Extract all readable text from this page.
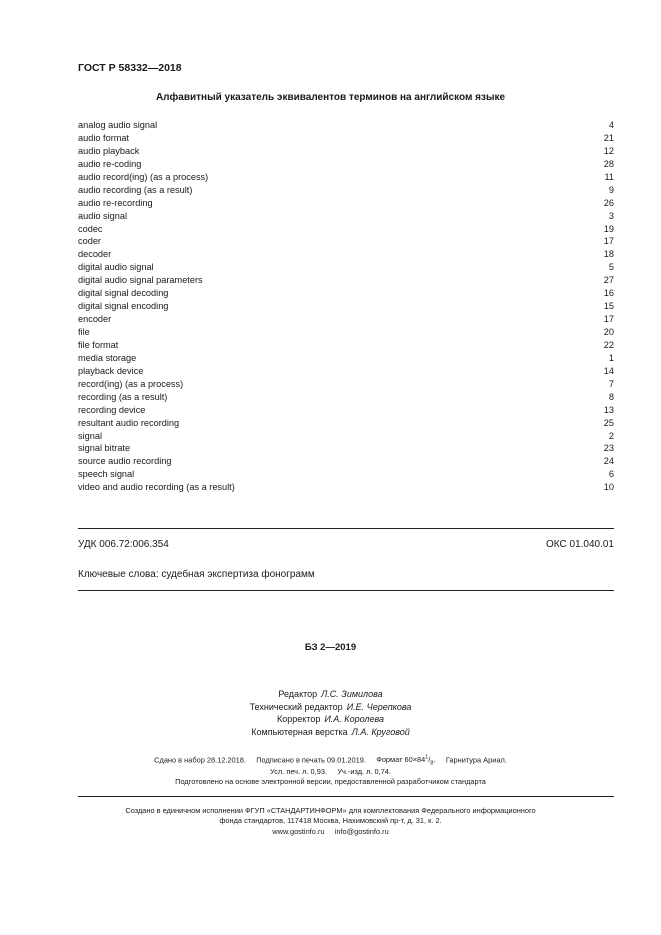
ГОСТ Р 58332—2018
Алфавитный указатель эквивалентов терминов на английском языке
analog audio signal	4
audio format	21
audio playback	12
audio re-coding	28
audio record(ing) (as a process)	11
audio recording (as a result)	9
audio re-recording	26
audio signal	3
codec	19
coder	17
decoder	18
digital audio signal	5
digital audio signal parameters	27
digital signal decoding	16
digital signal encoding	15
encoder	17
file	20
file format	22
media storage	1
playback device	14
record(ing) (as a process)	7
recording (as a result)	8
recording device	13
resultant audio recording	25
signal	2
signal bitrate	23
source audio recording	24
speech signal	6
video and audio recording (as a result)	10
УДК 006.72:006.354	ОКС 01.040.01
Ключевые слова: судебная экспертиза фонограмм
БЗ 2—2019
Редактор Л.С. Зимилова
Технический редактор И.Е. Черепкова
Корректор И.А. Королева
Компьютерная верстка Л.А. Круговой
Сдано в набор 28.12.2018. Подписано в печать 09.01.2019. Формат $60\times 84^1/_8$. Гарнитура Ариал.
Усл. печ. л. 0,93. Уч.-изд. л. 0,74.
Подготовлено на основе электронной версии, предоставленной разработчиком стандарта
Создано в единичном исполнении ФГУП «СТАНДАРТИНФОРМ» для комплектования Федерального информационного
фонда стандартов, 117418 Москва, Нахимовский пр-т, д. 31, к. 2.
www.gostinfo.ru info@gostinfo.ru
